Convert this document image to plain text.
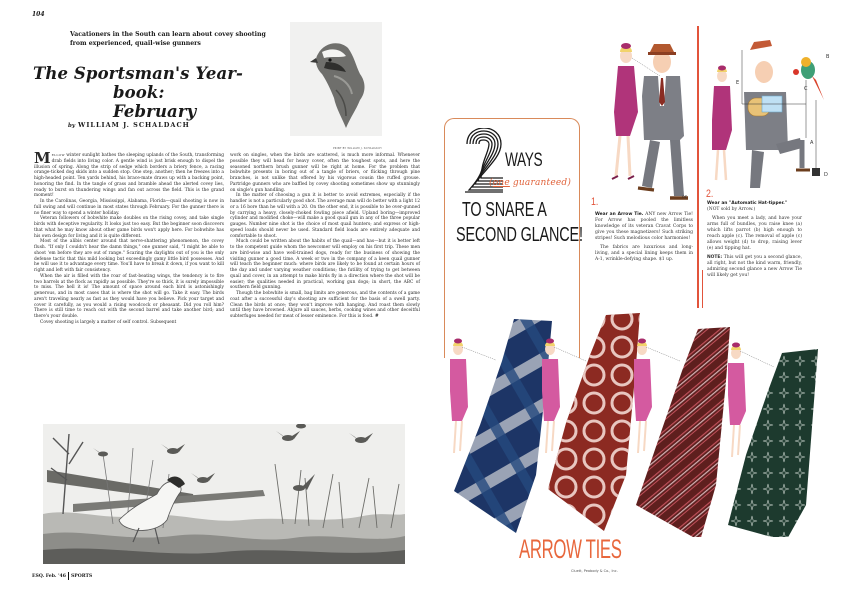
104
Vacationers in the South can learn about covey shooting from experienced, quail-wise gunners
The Sportsman's Year-
book: February
by WILLIAM J. SCHALDACH
PRINT BY WILLIAM J. SCHALDACH

Mellow winter sunlight bathes the sleeping uplands of the South, transforming drab fields into living color. A gentle wind is just brisk enough to dispel the illusion of spring. Along the strip of sedge which borders a briery fence, a racing orange-ticked dog skids into a sudden stop. One step, another; then he freezes into a high-headed point. Ten yards behind, his brace-mate draws up with a backing point, honoring the find. In the tangle of grass and bramble ahead the alerted covey lies, ready to burst on thundering wings and fan out across the field. This is the grand moment!

In the Carolinas, Georgia, Mississippi, Alabama, Florida—quail shooting is now in full swing and will continue in most states through February. For the gunner there is no finer way to spend a winter holiday.

Veteran followers of bobwhite make doubles on the rising covey, and take single birds with deceptive regularity. It looks just too easy. But the beginner soon discovers that what he may know about other game birds won't apply here. For bobwhite has his own design for living and it is quite different.

Most of the alibis center around that nerve-shattering phenomenon, the covey flush. "If only I couldn't hear the damn things," one gunner said, "I might be able to shoot 'em before they are out of range." Scaring the daylights out of you is the only defense tactic that this mild looking but exceedingly gamy little bird possesses. And he will use it to advantage every time. You'll have to break it down, if you want to kill right and left with fair consistency.

When the air is filled with the roar of fast-beating wings, the tendency is to fire two barrels at the flock as rapidly as possible. They're so thick, it is surely impossible to miss. The hell it is! The amount of space around each bird is astonishingly generous, and in most cases that is where the shot will go. Take it easy. The birds aren't traveling nearly as fast as they would have you believe. Pick your target and cover it carefully, as you would a rising woodcock or pheasant. Did you roll him? There is still time to reach out with the second barrel and take another bird; and there's your double.

Covey shooting is largely a matter of self control. Subsequent

work on singles, when the birds are scattered, is much more informal. Whenever possible they will head for heavy cover, often the toughest spots, and here the seasoned northern brush gunner will be right at home. For the problem that bobwhite presents in boring out of a tangle of briers, or flicking through pine branches, is not unlike that offered by his vigorous cousin the ruffed grouse. Partridge gunners who are baffled by covey shooting sometimes show up stunningly on single's gun handling.

In the matter of choosing a gun it is better to avoid extremes, especially if the handler is not a particularly good shot. The average man will do better with a light 12 or a 16 bore than he will with a 20. On the other end, it is possible to be over-gunned by carrying a heavy, closely-choked fowling piece afield. Upland boring—improved cylinder and modified choke—will make a good quail gun in any of the three popular gauges. Number nine shot is the choice of most quail hunters; and express or high-speed loads should never be used. Standard field loads are entirely adequate and comfortable to shoot.

Much could be written about the habits of the quail—and has—but it is better left to the competent guide whom the newcomer will employ on his first trip. These men are bird-wise and have well-trained dogs, ready for the business of showing the visiting gunner a good time. A week or two in the company of a keen quail gunner will teach the beginner much: where birds are likely to be found at certain hours of the day and under varying weather conditions; the futility of trying to get between quail and cover, in an attempt to make birds fly in a direction where the shot will be easier; the qualities needed in practical, working gun dogs; in short, the ABC of southern field gunning.

Though the bobwhite is small, bag limits are generous, and the contents of a game coat after a successful day's shooting are sufficient for the basis of a swell party. Clean the birds at once; they won't improve with hanging. And roast them slowly until they have browned. Abjure all sauces, herbs, cooking wines and other deceitful subterfuges needed for meat of lesser eminence. For this is food. #

ESQ. Feb. '46 SPORTS
WAYS
(one guaranteed)
TO SNARE A
SECOND GLANCE!
A
B
C
D
E
1.	or

Wear an Arrow Tie. ANY new Arrow Tie! For Arrow has pooled the limitless knowledge of its veteran Cravat Corps to give you these magnetizers! Such striking stripes! Such melodious color harmonies!

The fabrics are luxurious and long-living, and a special lining keeps them in A-1, wrinkle-defying shape. $1 up.

2.

Wear an "Automatic Hat-tipper."

(NOT sold by Arrow.)

When you meet a lady, and have your arms full of bundles, you raise knee (a) which lifts parrot (b) high enough to reach apple (c). The removal of apple (c) allows weight (d) to drop, raising lever (e) and tipping hat.

NOTE: This will get you a second glance, all right, but not the kind warm, friendly, admiring second glance a new Arrow Tie will likely get you!

ARROW TIES
Cluett, Peabody & Co., Inc.
